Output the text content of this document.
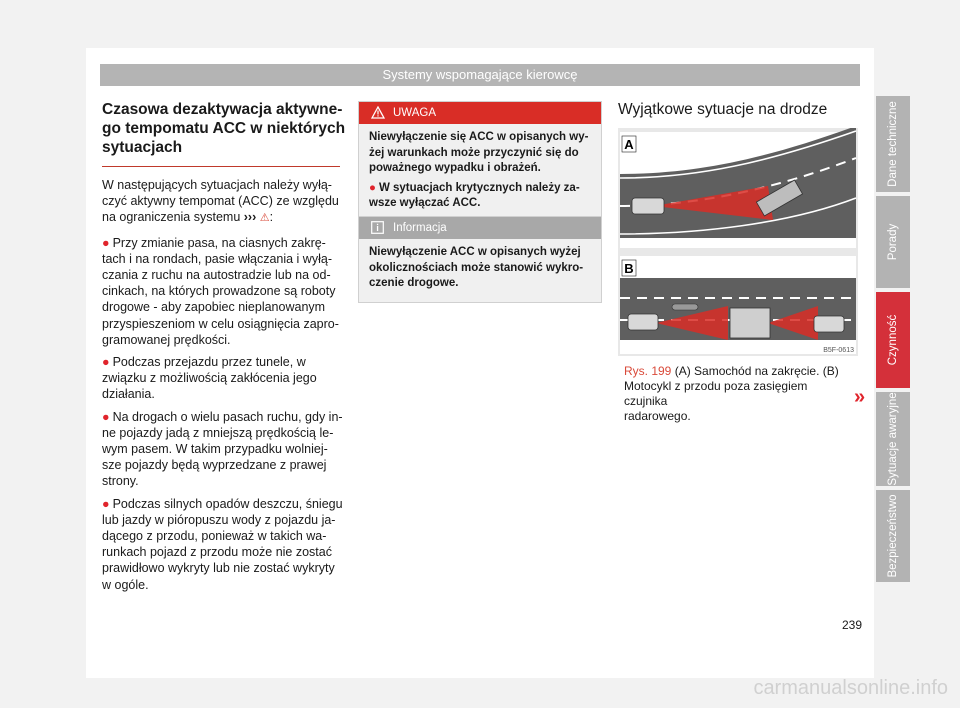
Systemy wspomagające kierowcę
Czasowa dezaktywacja aktywne-
go tempomatu ACC w niektórych
sytuacjach
W następujących sytuacjach należy wyłą-
czyć aktywny tempomat (ACC) ze względu
na ograniczenia systemu ››› ⚠:
● Przy zmianie pasa, na ciasnych zakrę-
tach i na rondach, pasie włączania i wyłą-
czania z ruchu na autostradzie lub na od-
cinkach, na których prowadzone są roboty
drogowe - aby zapobiec nieplanowanym
przyspieszeniom w celu osiągnięcia zapro-
gramowanej prędkości.
● Podczas przejazdu przez tunele, w
związku z możliwością zakłócenia jego
działania.
● Na drogach o wielu pasach ruchu, gdy in-
ne pojazdy jadą z mniejszą prędkością le-
wym pasem. W takim przypadku wolniej-
sze pojazdy będą wyprzedzane z prawej
strony.
● Podczas silnych opadów deszczu, śniegu
lub jazdy w pióropuszu wody z pojazdu ja-
dącego z przodu, ponieważ w takich wa-
runkach pojazd z przodu może nie zostać
prawidłowo wykryty lub nie zostać wykryty
w ogóle.
UWAGA
Niewyłączenie się ACC w opisanych wy-
żej warunkach może przyczynić się do
poważnego wypadku i obrażeń.
● W sytuacjach krytycznych należy za-
wsze wyłączać ACC.
Informacja
Niewyłączenie ACC w opisanych wyżej
okolicznościach może stanowić wykro-
czenie drogowe.
Wyjątkowe sytuacje na drodze
A
B
B5F-0613
Rys. 199 (A) Samochód na zakręcie. (B)
Motocykl z przodu poza zasięgiem czujnika
radarowego.
»
Dane techniczne
Porady
Czynność
Sytuacje awaryjne
Bezpieczeństwo
239
carmanualsonline.info
